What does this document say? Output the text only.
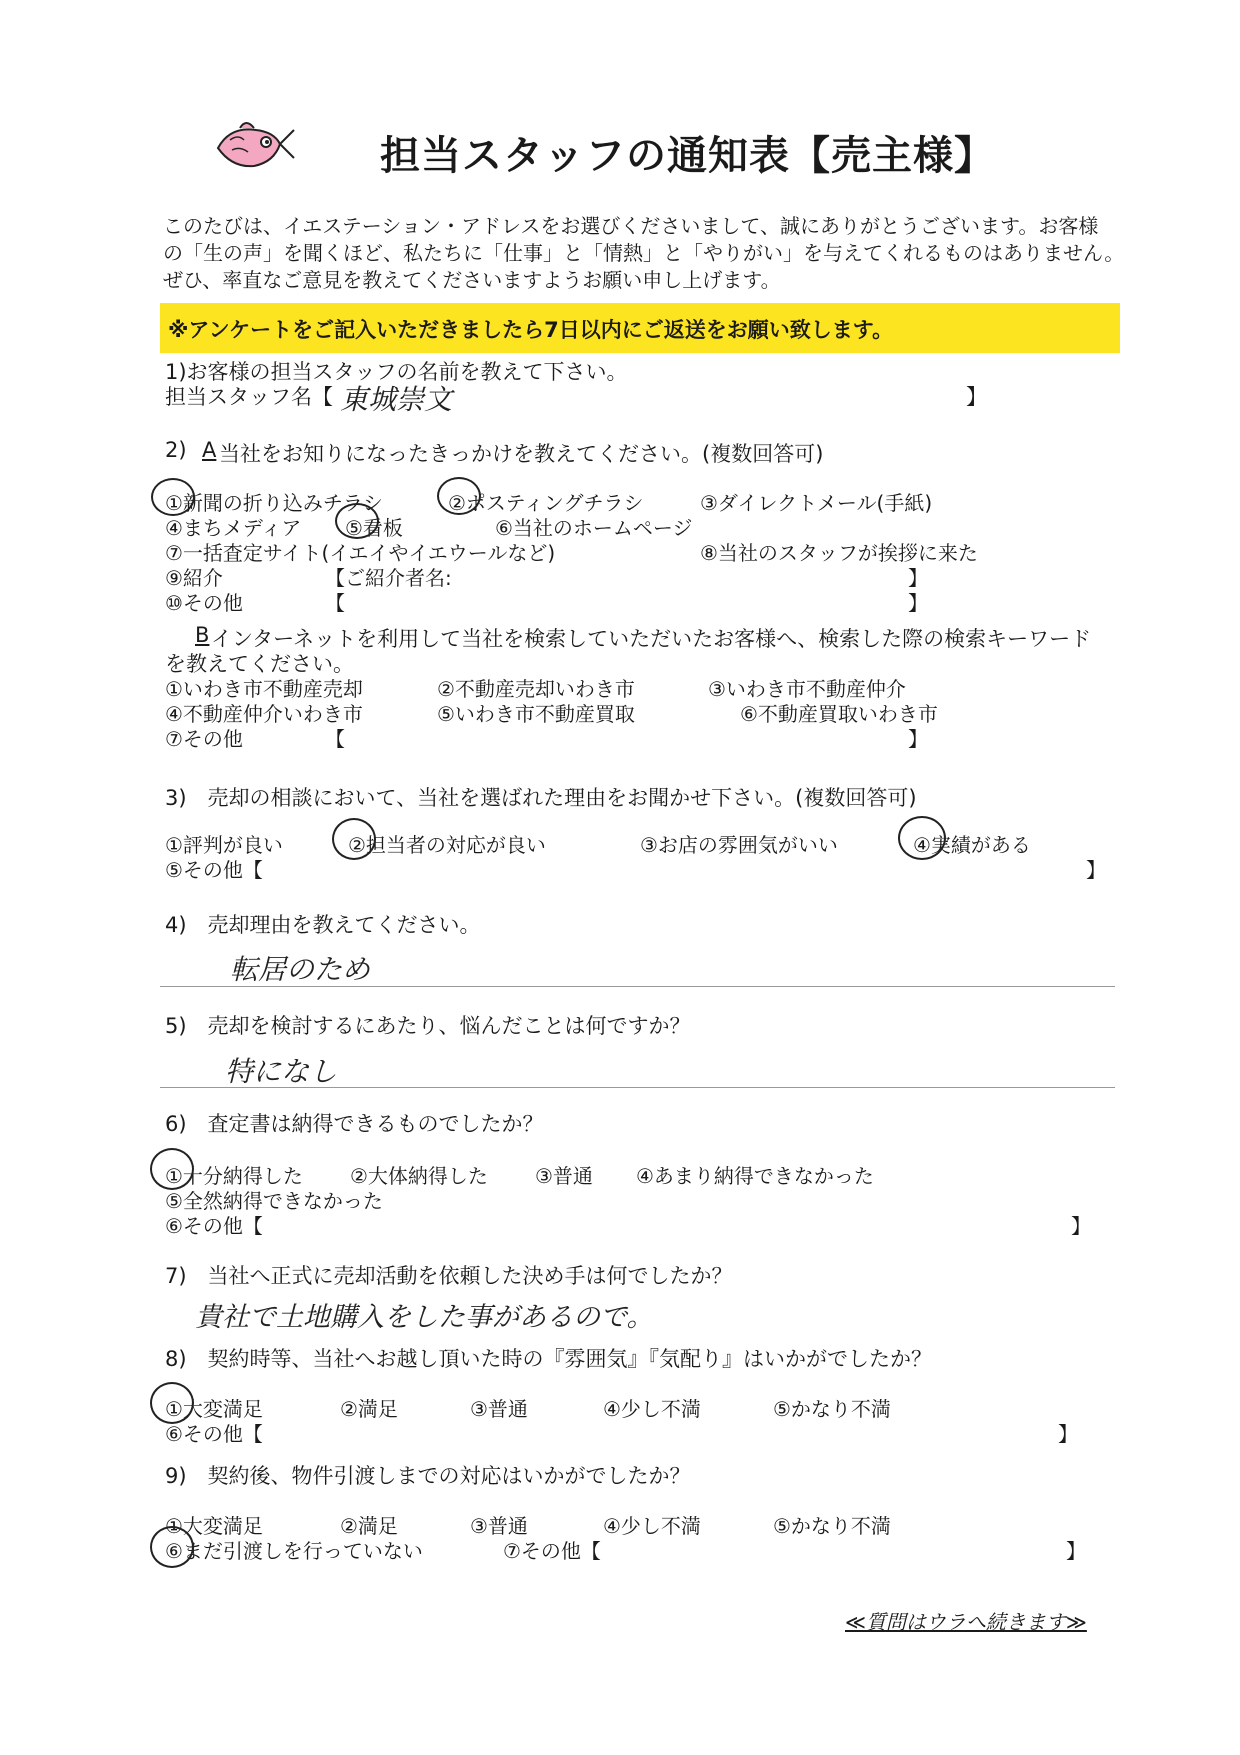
担当スタッフの通知表【売主様】
このたびは、イエステーション・アドレスをお選びくださいまして、誠にありがとうございます。お客様
の「生の声」を聞くほど、私たちに「仕事」と「情熱」と「やりがい」を与えてくれるものはありません。
ぜひ、率直なご意見を教えてくださいますようお願い申し上げます。
※アンケートをご記入いただきましたら7日以内にご返送をお願い致します。
1)お客様の担当スタッフの名前を教えて下さい。
担当スタッフ名【 東城崇文	】
2) A 当社をお知りになったきっかけを教えてください。(複数回答可)
①新聞の折り込みチラシ	②ポスティングチラシ	③ダイレクトメール(手紙)
④まちメディア ⑤看板	⑥当社のホームページ
⑦一括査定サイト(イエイやイエウールなど)	⑧当社のスタッフが挨拶に来た
⑨紹介	【ご紹介者名:	】
⑩その他	【	】
B インターネットを利用して当社を検索していただいたお客様へ、検索した際の検索キーワード
を教えてください。
①いわき市不動産売却	②不動産売却いわき市	③いわき市不動産仲介
④不動産仲介いわき市	⑤いわき市不動産買取	⑥不動産買取いわき市
⑦その他	【	】
3)　売却の相談において、当社を選ばれた理由をお聞かせ下さい。(複数回答可)
①評判が良い	②担当者の対応が良い	③お店の雰囲気がいい	④実績がある
⑤その他【	】
4)　売却理由を教えてください。
転居のため
5)　売却を検討するにあたり、悩んだことは何ですか？
特になし
6)　査定書は納得できるものでしたか？
①十分納得した ②大体納得した ③普通 ④あまり納得できなかった
⑤全然納得できなかった
⑥その他【	】
7)　当社へ正式に売却活動を依頼した決め手は何でしたか？
貴社で土地購入をした事があるので。
8)　契約時等、当社へお越し頂いた時の『雰囲気』『気配り』はいかがでしたか？
①大変満足	②満足	③普通	④少し不満	⑤かなり不満
⑥その他【	】
9)　契約後、物件引渡しまでの対応はいかがでしたか？
①大変満足	②満足	③普通	④少し不満	⑤かなり不満
⑥まだ引渡しを行っていない	⑦その他【	】
≪質問はウラへ続きます≫
